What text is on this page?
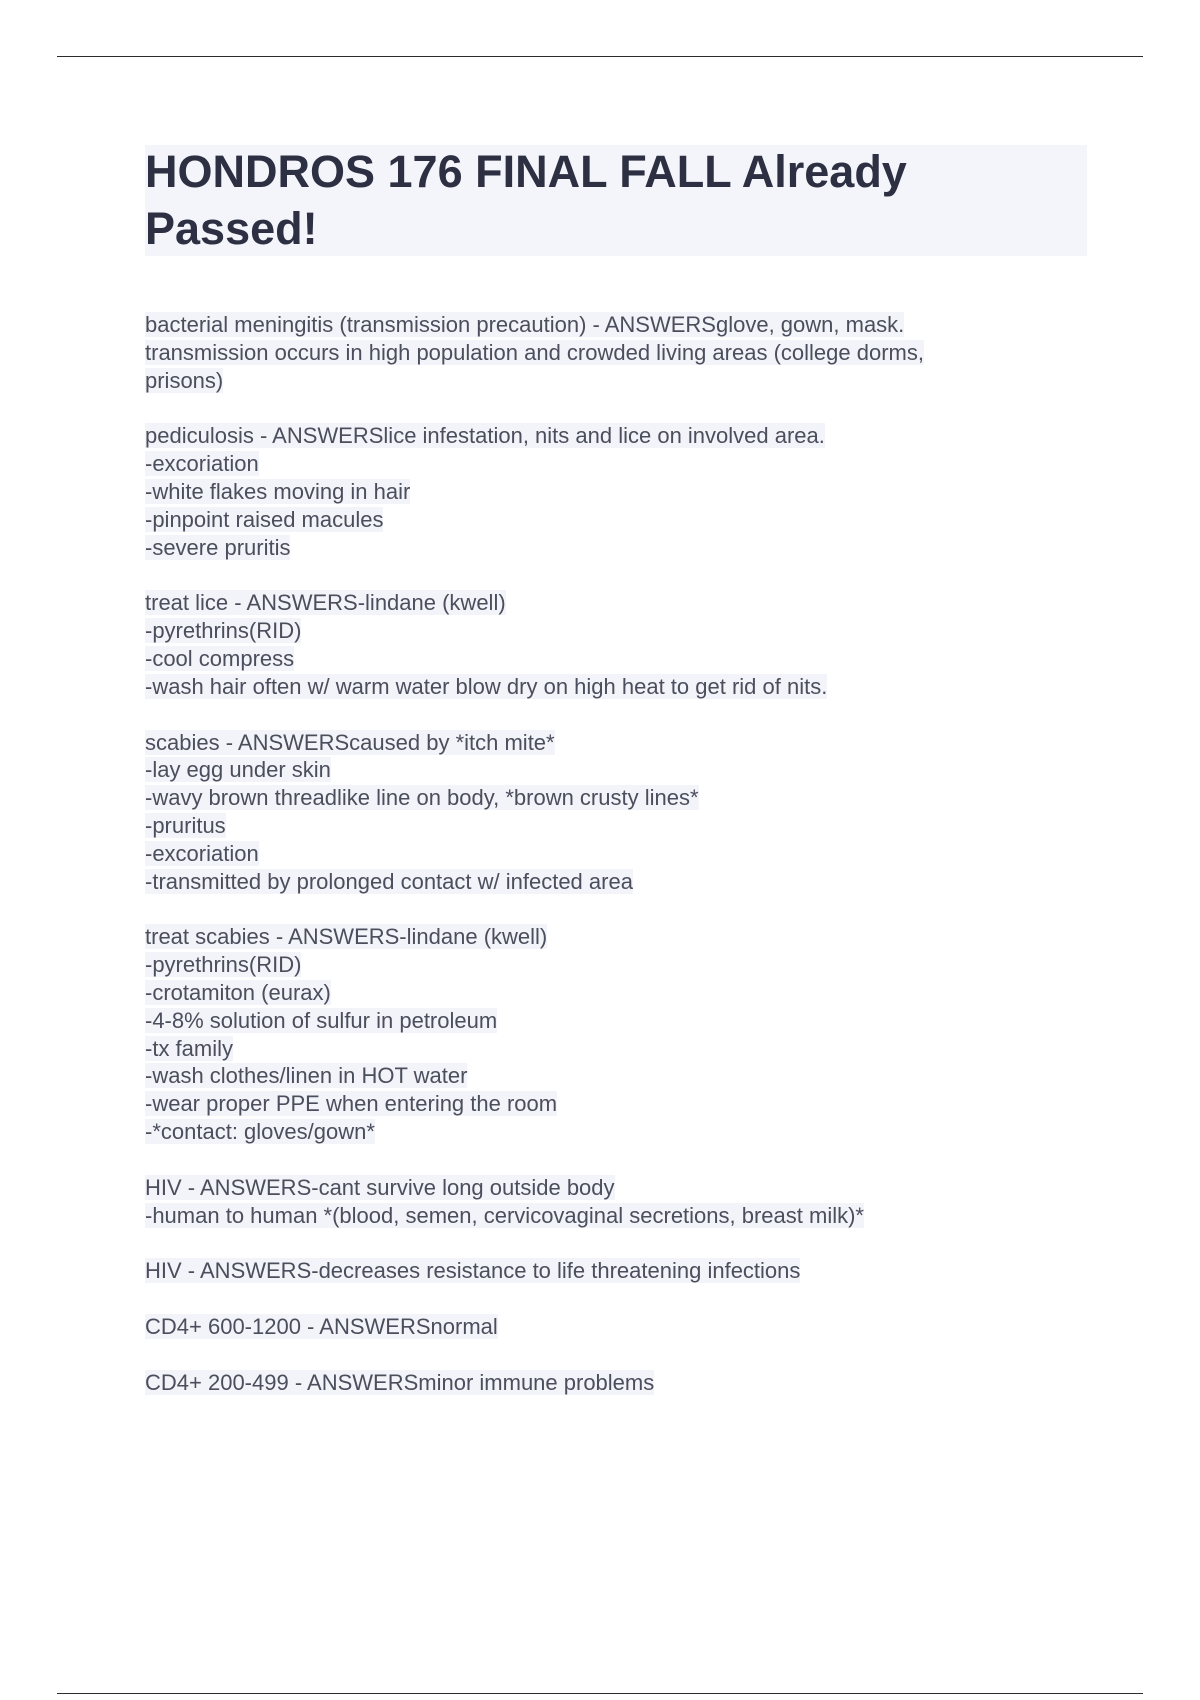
HONDROS 176 FINAL FALL Already
Passed!
bacterial meningitis (transmission precaution) - ANSWERSglove, gown, mask.
transmission occurs in high population and crowded living areas (college dorms,
prisons)
pediculosis - ANSWERSlice infestation, nits and lice on involved area.
-excoriation
-white flakes moving in hair
-pinpoint raised macules
-severe pruritis
treat lice - ANSWERS-lindane (kwell)
-pyrethrins(RID)
-cool compress
-wash hair often w/ warm water blow dry on high heat to get rid of nits.
scabies - ANSWERScaused by *itch mite*
-lay egg under skin
-wavy brown threadlike line on body, *brown crusty lines*
-pruritus
-excoriation
-transmitted by prolonged contact w/ infected area
treat scabies - ANSWERS-lindane (kwell)
-pyrethrins(RID)
-crotamiton (eurax)
-4-8% solution of sulfur in petroleum
-tx family
-wash clothes/linen in HOT water
-wear proper PPE when entering the room
-*contact: gloves/gown*
HIV - ANSWERS-cant survive long outside body
-human to human *(blood, semen, cervicovaginal secretions, breast milk)*
HIV - ANSWERS-decreases resistance to life threatening infections
CD4+ 600-1200 - ANSWERSnormal
CD4+ 200-499 - ANSWERSminor immune problems
